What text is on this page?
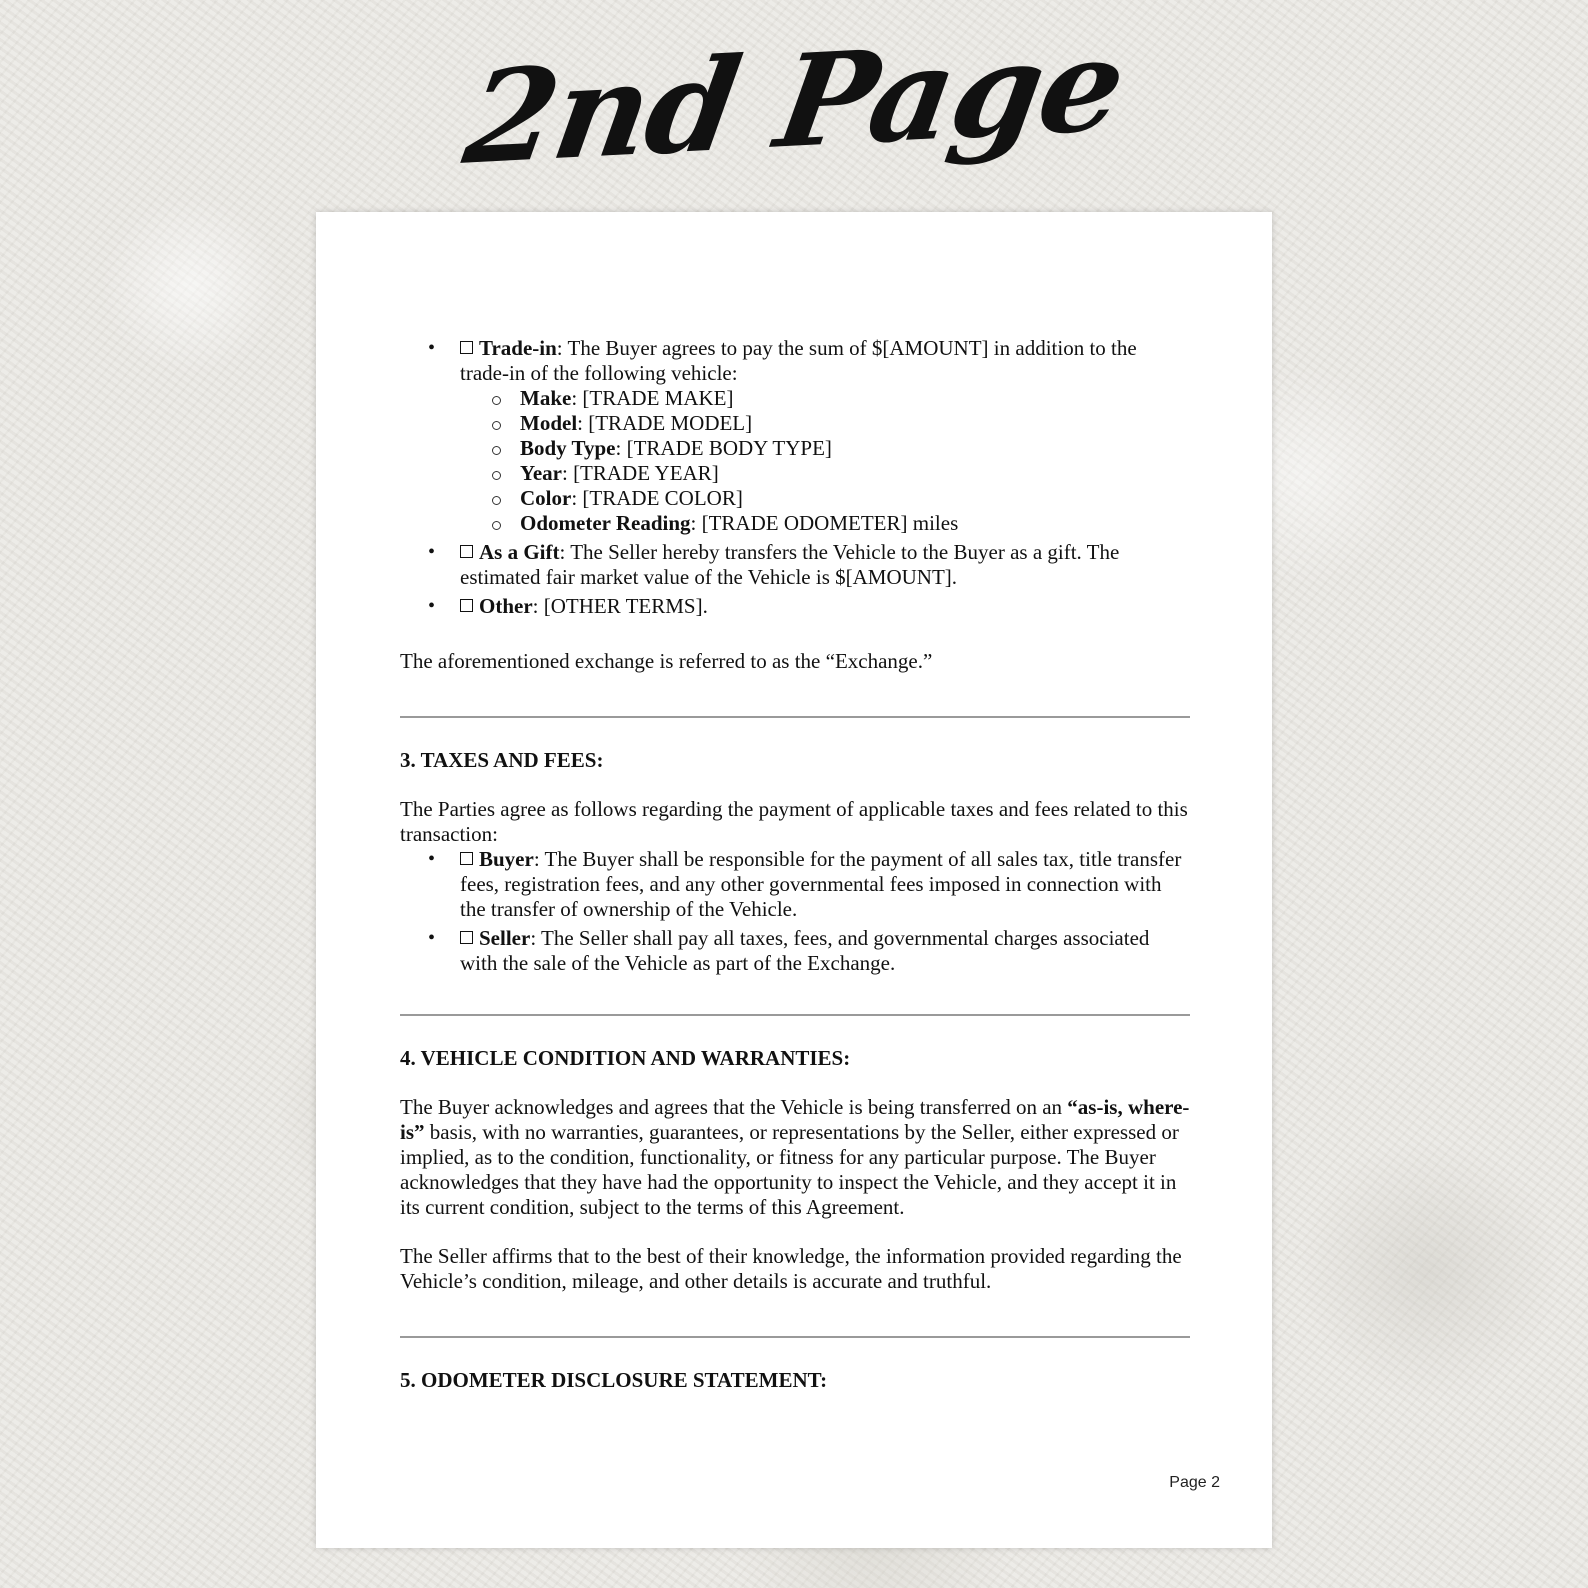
2nd Page
• Trade-in: The Buyer agrees to pay the sum of $[AMOUNT] in addition to the trade-in of the following vehicle:
Make: [TRADE MAKE]
Model: [TRADE MODEL]
Body Type: [TRADE BODY TYPE]
Year: [TRADE YEAR]
Color: [TRADE COLOR]
Odometer Reading: [TRADE ODOMETER] miles
• As a Gift: The Seller hereby transfers the Vehicle to the Buyer as a gift. The estimated fair market value of the Vehicle is $[AMOUNT].
• Other: [OTHER TERMS].

The aforementioned exchange is referred to as the “Exchange.”

3. TAXES AND FEES:

The Parties agree as follows regarding the payment of applicable taxes and fees related to this transaction:

• Buyer: The Buyer shall be responsible for the payment of all sales tax, title transfer fees, registration fees, and any other governmental fees imposed in connection with the transfer of ownership of the Vehicle.
• Seller: The Seller shall pay all taxes, fees, and governmental charges associated with the sale of the Vehicle as part of the Exchange.

4. VEHICLE CONDITION AND WARRANTIES:

The Buyer acknowledges and agrees that the Vehicle is being transferred on an “as-is, where-is” basis, with no warranties, guarantees, or representations by the Seller, either expressed or implied, as to the condition, functionality, or fitness for any particular purpose. The Buyer acknowledges that they have had the opportunity to inspect the Vehicle, and they accept it in its current condition, subject to the terms of this Agreement.

The Seller affirms that to the best of their knowledge, the information provided regarding the Vehicle’s condition, mileage, and other details is accurate and truthful.

5. ODOMETER DISCLOSURE STATEMENT:

Page 2
